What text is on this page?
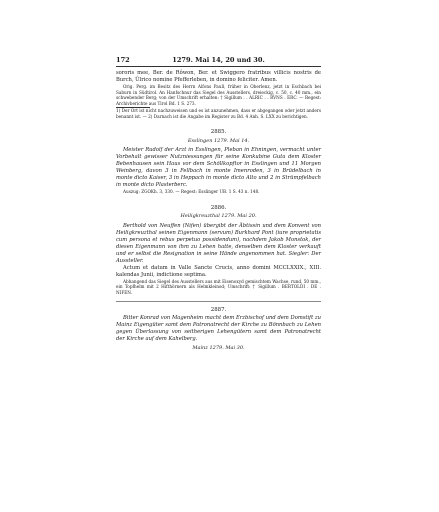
172	1279. Mai 14, 20 und 30.

sororis mee, Ber. de Rôwon, Ber. et Swiggero fratribus villicis nostris de Burch, Ûlrico nomine Pfefferleben, in domino feliciter. Amen.

Orig. Perg. im Besitz des Herrn Alfons Paull, früher in Oberlenz, jetzt in Eschbach bei Saburn in Südtirol. An Hanfschnur das Siegel des Ausstellers, dreieckig, c. 50, c. 40 mm., ein schwebender Berg; von der Umschrift erhalten: † Sigillum . . ALRIC . . RVNS . ERC. — Regest: Archivberichte aus Tirol Bd. 1 S. 273.

1) Der Ort ist nicht nachzuweisen und es ist anzunehmen, dass er abgegangen oder jetzt anders benannt ist. — 2) Darnach ist die Angabe im Register zu Bd. 4 Anh. S. LXX zu berichtigen.

2885.
Esslingen 1279. Mai 14.

Meister Rudolf der Arzt in Esslingen, Pleban in Ehningen, vermacht unter Vorbehalt gewisser Nutzniessungen für seine Konkubine Guta dem Kloster Bebenhausen sein Haus vor dem Schöllkopftor in Esslingen und 11 Morgen Weinberg, davon 3 in Fellbach in monte Imenroden, 3 in Brüdelbach in monte dicto Kaiser, 3 in Heppach in monte dicto Alto und 2 in Strümpfelbach in monte dicto Plasterberc.

Auszug: ZGOKh. 3, 330. — Regest: Esslinger UB. 1 S. 43 n. 148.

2886.
Heiligkreuzthal 1279. Mai 20.

Berthold von Neuffen (Nifen) übergibt der Äbtissin und dem Konvent von Heiligkreuzthal seinen Eigenmann (servum) Burkhard Pont (iure proprietatis cum persona et rebus perpetuo possidendum), nachdem Jakob Monstok, der diesen Eigenmann von ihm zu Lehen hatte, denselben dem Kloster verkauft und er selbst die Resignation in seine Hände angenommen hat. Siegler: Der Aussteller.

Actum et datum in Valle Sancte Crucis, anno domini MCCLXXIX., XIII. kalendas Junii, indictione septima.

Abhangend das Siegel des Ausstellers aus mit Eisenoxyd gemischtem Wachse, rund, 50 mm., ein Topfhelm mit 2 Hifthörnern als Helmkleinod; Umschrift: † Sigillum . BERTOLDI . DE . NIFEN.

2887.

Bitter Konrad von Magenheim macht dem Erzbischof und dem Domstift zu Mainz Eigengüter samt dem Patronatrecht der Kirche zu Bönnbach zu Lehen gegen Überlassung von seitherigen Lehengütern samt dem Patronatrecht der Kirche auf dem Kahelberg.

Mainz 1279. Mai 30.
